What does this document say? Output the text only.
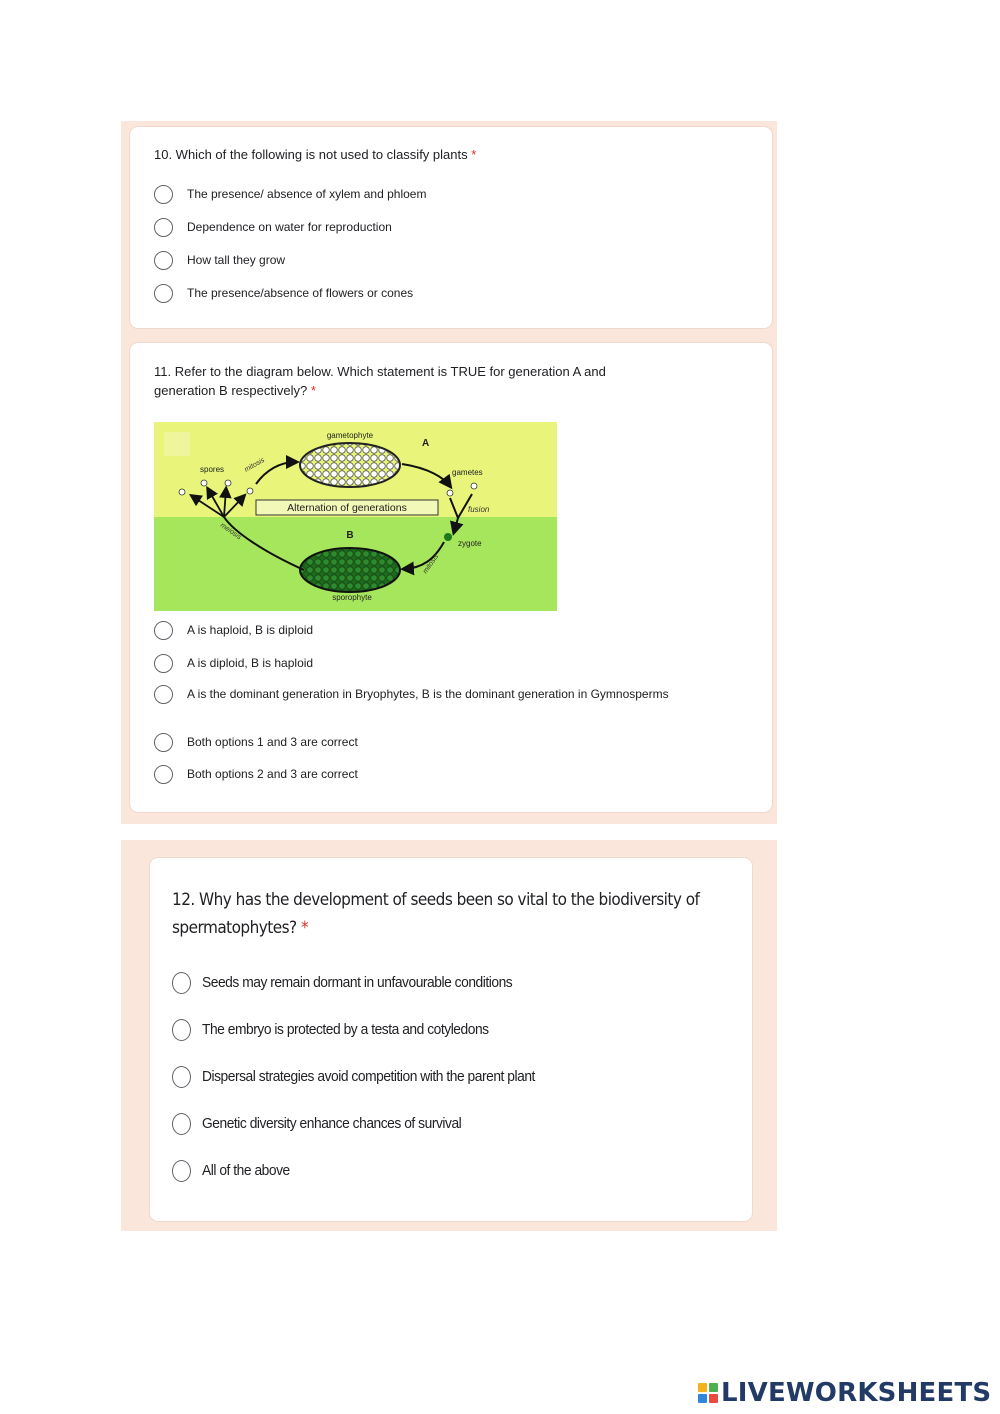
10. Which of the following is not used to classify plants *
The presence/ absence of xylem and phloem
Dependence on water for reproduction
How tall they grow
The presence/absence of flowers or cones
11. Refer to the diagram below. Which statement is TRUE for generation A and
generation B respectively? *
gametophyte
A
sporophyte
B
Alternation of generations
spores
meiosis
mitosis	gametes
fusion
zygote
mitosis
A is haploid, B is diploid
A is diploid, B is haploid
A is the dominant generation in Bryophytes, B is the dominant generation in Gymnosperms
Both options 1 and 3 are correct
Both options 2 and 3 are correct
12. Why has the development of seeds been so vital to the biodiversity of
spermatophytes? *
Seeds may remain dormant in unfavourable conditions
The embryo is protected by a testa and cotyledons
Dispersal strategies avoid competition with the parent plant
Genetic diversity enhance chances of survival
All of the above
LIVEWORKSHEETS
